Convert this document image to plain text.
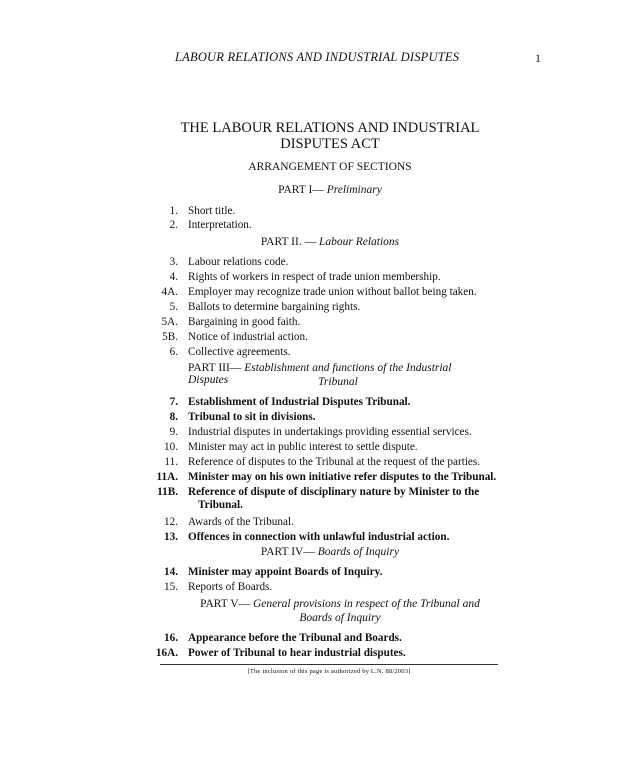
LABOUR RELATIONS AND INDUSTRIAL DISPUTES	1
THE LABOUR RELATIONS AND INDUSTRIAL
DISPUTES ACT
ARRANGEMENT OF SECTIONS
PART I— Preliminary
1. Short title.
2. Interpretation.
PART II. — Labour Relations
3. Labour relations code.
4. Rights of workers in respect of trade union membership.
4A. Employer may recognize trade union without ballot being taken.
5. Ballots to determine bargaining rights.
5A. Bargaining in good faith.
5B. Notice of industrial action.
6. Collective agreements.
PART III— Establishment and functions of the Industrial Disputes	Tribunal
7. Establishment of Industrial Disputes Tribunal.
8. Tribunal to sit in divisions.
9. Industrial disputes in undertakings providing essential services.
10. Minister may act in public interest to settle dispute.
11. Reference of disputes to the Tribunal at the request of the parties.
11A. Minister may on his own initiative refer disputes to the Tribunal.
11B. Reference of dispute of disciplinary nature by Minister to the
Tribunal.
12. Awards of the Tribunal.
13. Offences in connection with unlawful industrial action.
PART IV— Boards of Inquiry
14. Minister may appoint Boards of Inquiry.
15. Reports of Boards.
PART V— General provisions in respect of the Tribunal and
Boards of Inquiry
16. Appearance before the Tribunal and Boards.
16A. Power of Tribunal to hear industrial disputes.
[The inclusion of this page is authorized by L.N. 88/2003]
